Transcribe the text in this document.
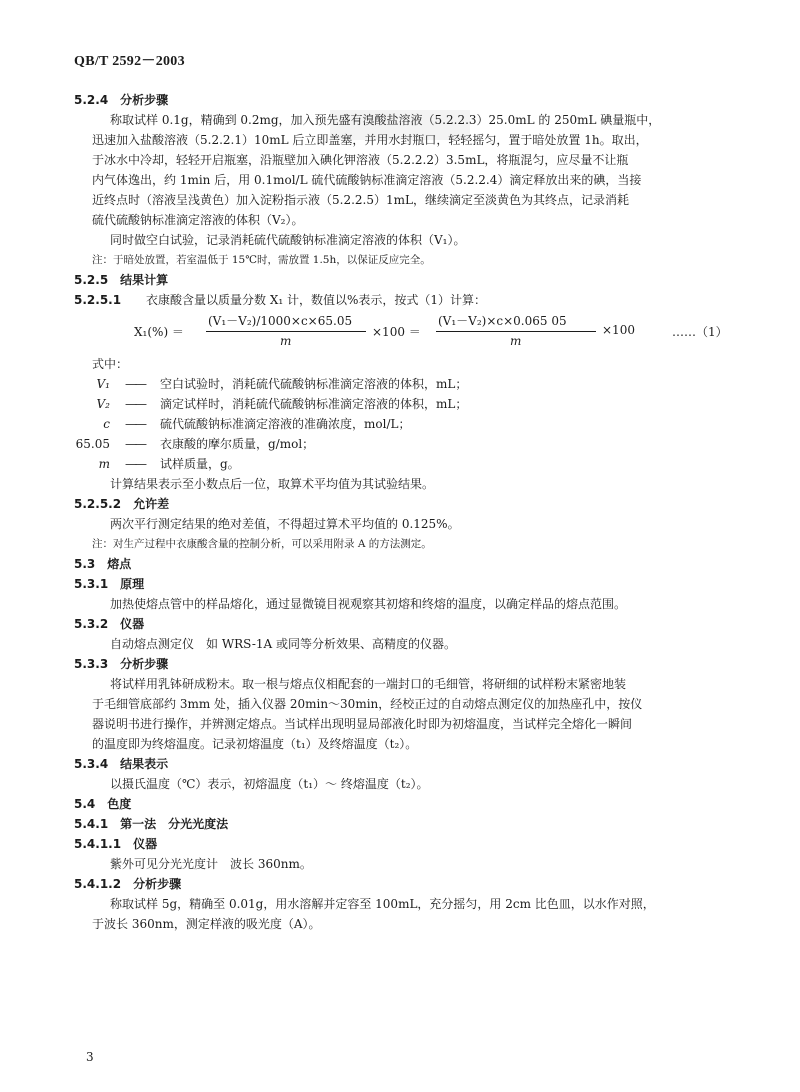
QB/T 2592－2003
5.2.4　分析步骤
称取试样 0.1g，精确到 0.2mg，加入预先盛有溴酸盐溶液（5.2.2.3）25.0mL 的 250mL 碘量瓶中，
迅速加入盐酸溶液（5.2.2.1）10mL 后立即盖塞，并用水封瓶口，轻轻摇匀，置于暗处放置 1h。取出，
于冰水中冷却，轻轻开启瓶塞，沿瓶壁加入碘化钾溶液（5.2.2.2）3.5mL，将瓶混匀，应尽量不让瓶
内气体逸出，约 1min 后，用 0.1mol/L 硫代硫酸钠标准滴定溶液（5.2.2.4）滴定释放出来的碘，当接
近终点时（溶液呈浅黄色）加入淀粉指示液（5.2.2.5）1mL，继续滴定至淡黄色为其终点，记录消耗
硫代硫酸钠标准滴定溶液的体积（V₂）。
同时做空白试验，记录消耗硫代硫酸钠标准滴定溶液的体积（V₁）。
注：于暗处放置，若室温低于 15℃时，需放置 1.5h，以保证反应完全。
5.2.5　结果计算
5.2.5.1	衣康酸含量以质量分数 X₁ 计，数值以%表示，按式（1）计算：
X₁(%) ＝
(V₁－V₂)/1000×c×65.05
m
×100 ＝
(V₁－V₂)×c×0.065 05
m
×100	……（1）
式中：
V₁	——	空白试验时，消耗硫代硫酸钠标准滴定溶液的体积，mL；
V₂	——	滴定试样时，消耗硫代硫酸钠标准滴定溶液的体积，mL；
c	——	硫代硫酸钠标准滴定溶液的准确浓度，mol/L；
65.05	——	衣康酸的摩尔质量，g/mol；
m	——	试样质量，g。
计算结果表示至小数点后一位，取算术平均值为其试验结果。
5.2.5.2　允许差
两次平行测定结果的绝对差值，不得超过算术平均值的 0.125%。
注：对生产过程中衣康酸含量的控制分析，可以采用附录 A 的方法测定。
5.3　熔点
5.3.1　原理
加热使熔点管中的样品熔化，通过显微镜目视观察其初熔和终熔的温度，以确定样品的熔点范围。
5.3.2　仪器
自动熔点测定仪　如 WRS-1A 或同等分析效果、高精度的仪器。
5.3.3　分析步骤
将试样用乳钵研成粉末。取一根与熔点仪相配套的一端封口的毛细管，将研细的试样粉末紧密地装
于毛细管底部约 3mm 处，插入仪器 20min～30min，经校正过的自动熔点测定仪的加热座孔中，按仪
器说明书进行操作，并辨测定熔点。当试样出现明显局部液化时即为初熔温度，当试样完全熔化一瞬间
的温度即为终熔温度。记录初熔温度（t₁）及终熔温度（t₂）。
5.3.4　结果表示
以摄氏温度（℃）表示，初熔温度（t₁）～ 终熔温度（t₂）。
5.4　色度
5.4.1　第一法　分光光度法
5.4.1.1　仪器
紫外可见分光光度计　波长 360nm。
5.4.1.2　分析步骤
称取试样 5g，精确至 0.01g，用水溶解并定容至 100mL，充分摇匀，用 2cm 比色皿，以水作对照，
于波长 360nm，测定样液的吸光度（A）。
3
